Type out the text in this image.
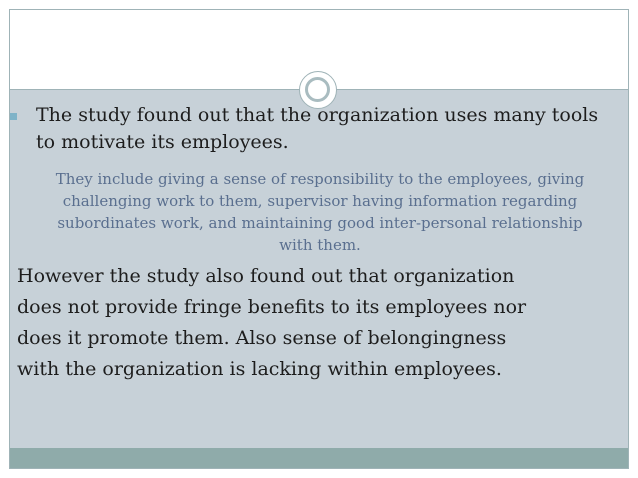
The study found out that the organization uses many tools to motivate its employees.
They include giving a sense of responsibility to the employees, giving challenging work to them, supervisor having information regarding subordinates work, and maintaining good inter-personal relationship with them.
However the study also found out that organization
does not provide fringe benefits to its employees nor
does it promote them. Also sense of belongingness
with the organization is lacking within employees.
